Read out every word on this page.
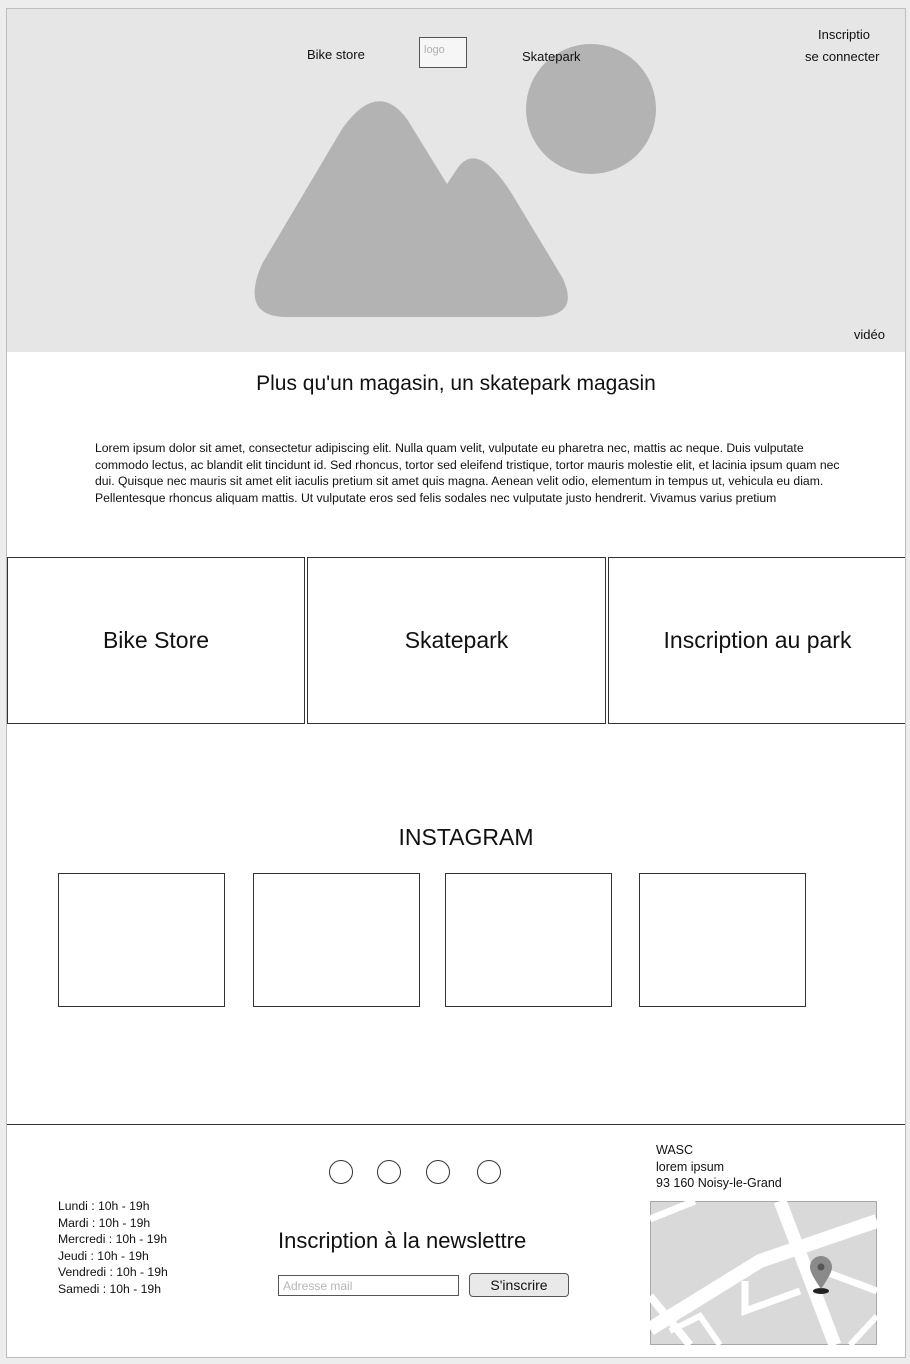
Bike store	logo	Skatepark
Inscriptio
se connecter
vidéo
Plus qu'un magasin, un skatepark magasin

Lorem ipsum dolor sit amet, consectetur adipiscing elit. Nulla quam velit, vulputate eu pharetra nec, mattis ac neque. Duis vulputate commodo lectus, ac blandit elit tincidunt id. Sed rhoncus, tortor sed eleifend tristique, tortor mauris molestie elit, et lacinia ipsum quam nec dui. Quisque nec mauris sit amet elit iaculis pretium sit amet quis magna. Aenean velit odio, elementum in tempus ut, vehicula eu diam. Pellentesque rhoncus aliquam mattis. Ut vulputate eros sed felis sodales nec vulputate justo hendrerit. Vivamus varius pretium

Bike Store	Skatepark	Inscription au park
INSTAGRAM
Lundi : 10h - 19h
Mardi : 10h - 19h
Mercredi : 10h - 19h
Jeudi : 10h - 19h
Vendredi : 10h - 19h
Samedi : 10h - 19h
Inscription à la newslettre
Adresse mail
S'inscrire
WASC
lorem ipsum
93 160 Noisy-le-Grand
